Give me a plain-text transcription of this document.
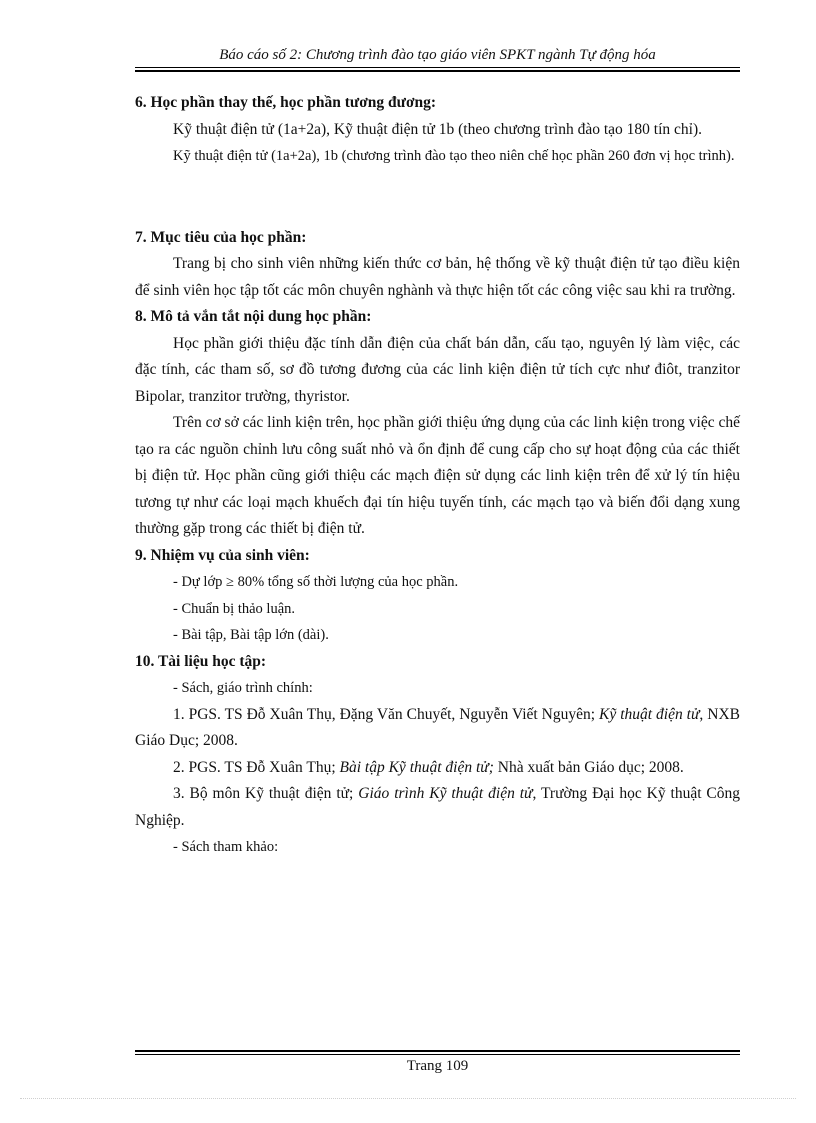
Báo cáo số 2: Chương trình đào tạo giáo viên SPKT ngành Tự động hóa

6. Học phần thay thế, học phần tương đương:

Kỹ thuật điện tử (1a+2a), Kỹ thuật điện tử 1b (theo chương trình đào tạo 180 tín chỉ).

Kỹ thuật điện tử (1a+2a), 1b (chương trình đào tạo theo niên chế học phần 260 đơn vị học trình).

7. Mục tiêu của học phần:

Trang bị cho sinh viên những kiến thức cơ bản, hệ thống về kỹ thuật điện tử tạo điều kiện để sinh viên học tập tốt các môn chuyên nghành và thực hiện tốt các công việc sau khi ra trường.

8. Mô tả vắn tắt nội dung học phần:

Học phần giới thiệu đặc tính dẫn điện của chất bán dẫn, cấu tạo, nguyên lý làm việc, các đặc tính, các tham số, sơ đồ tương đương của các linh kiện điện tử tích cực như điôt, tranzitor Bipolar, tranzitor trường, thyristor.

Trên cơ sở các linh kiện trên, học phần giới thiệu ứng dụng của các linh kiện trong việc chế tạo ra các nguồn chỉnh lưu công suất nhỏ và ổn định để cung cấp cho sự hoạt động của các thiết bị điện tử. Học phần cũng giới thiệu các mạch điện sử dụng các linh kiện trên để xử lý tín hiệu tương tự như các loại mạch khuếch đại tín hiệu tuyến tính, các mạch tạo và biến đổi dạng xung thường gặp trong các thiết bị điện tử.

9. Nhiệm vụ của sinh viên:

- Dự lớp ≥ 80% tổng số thời lượng của học phần.

- Chuẩn bị thảo luận.

- Bài tập, Bài tập lớn (dài).

10. Tài liệu học tập:

- Sách, giáo trình chính:

1. PGS. TS Đỗ Xuân Thụ, Đặng Văn Chuyết, Nguyễn Viết Nguyên; Kỹ thuật điện tử, NXB Giáo Dục; 2008.

2. PGS. TS Đỗ Xuân Thụ; Bài tập Kỹ thuật điện tử; Nhà xuất bản Giáo dục; 2008.

3. Bộ môn Kỹ thuật điện tử; Giáo trình Kỹ thuật điện tử, Trường Đại học Kỹ thuật Công Nghiệp.

- Sách tham khảo:

Trang 109
